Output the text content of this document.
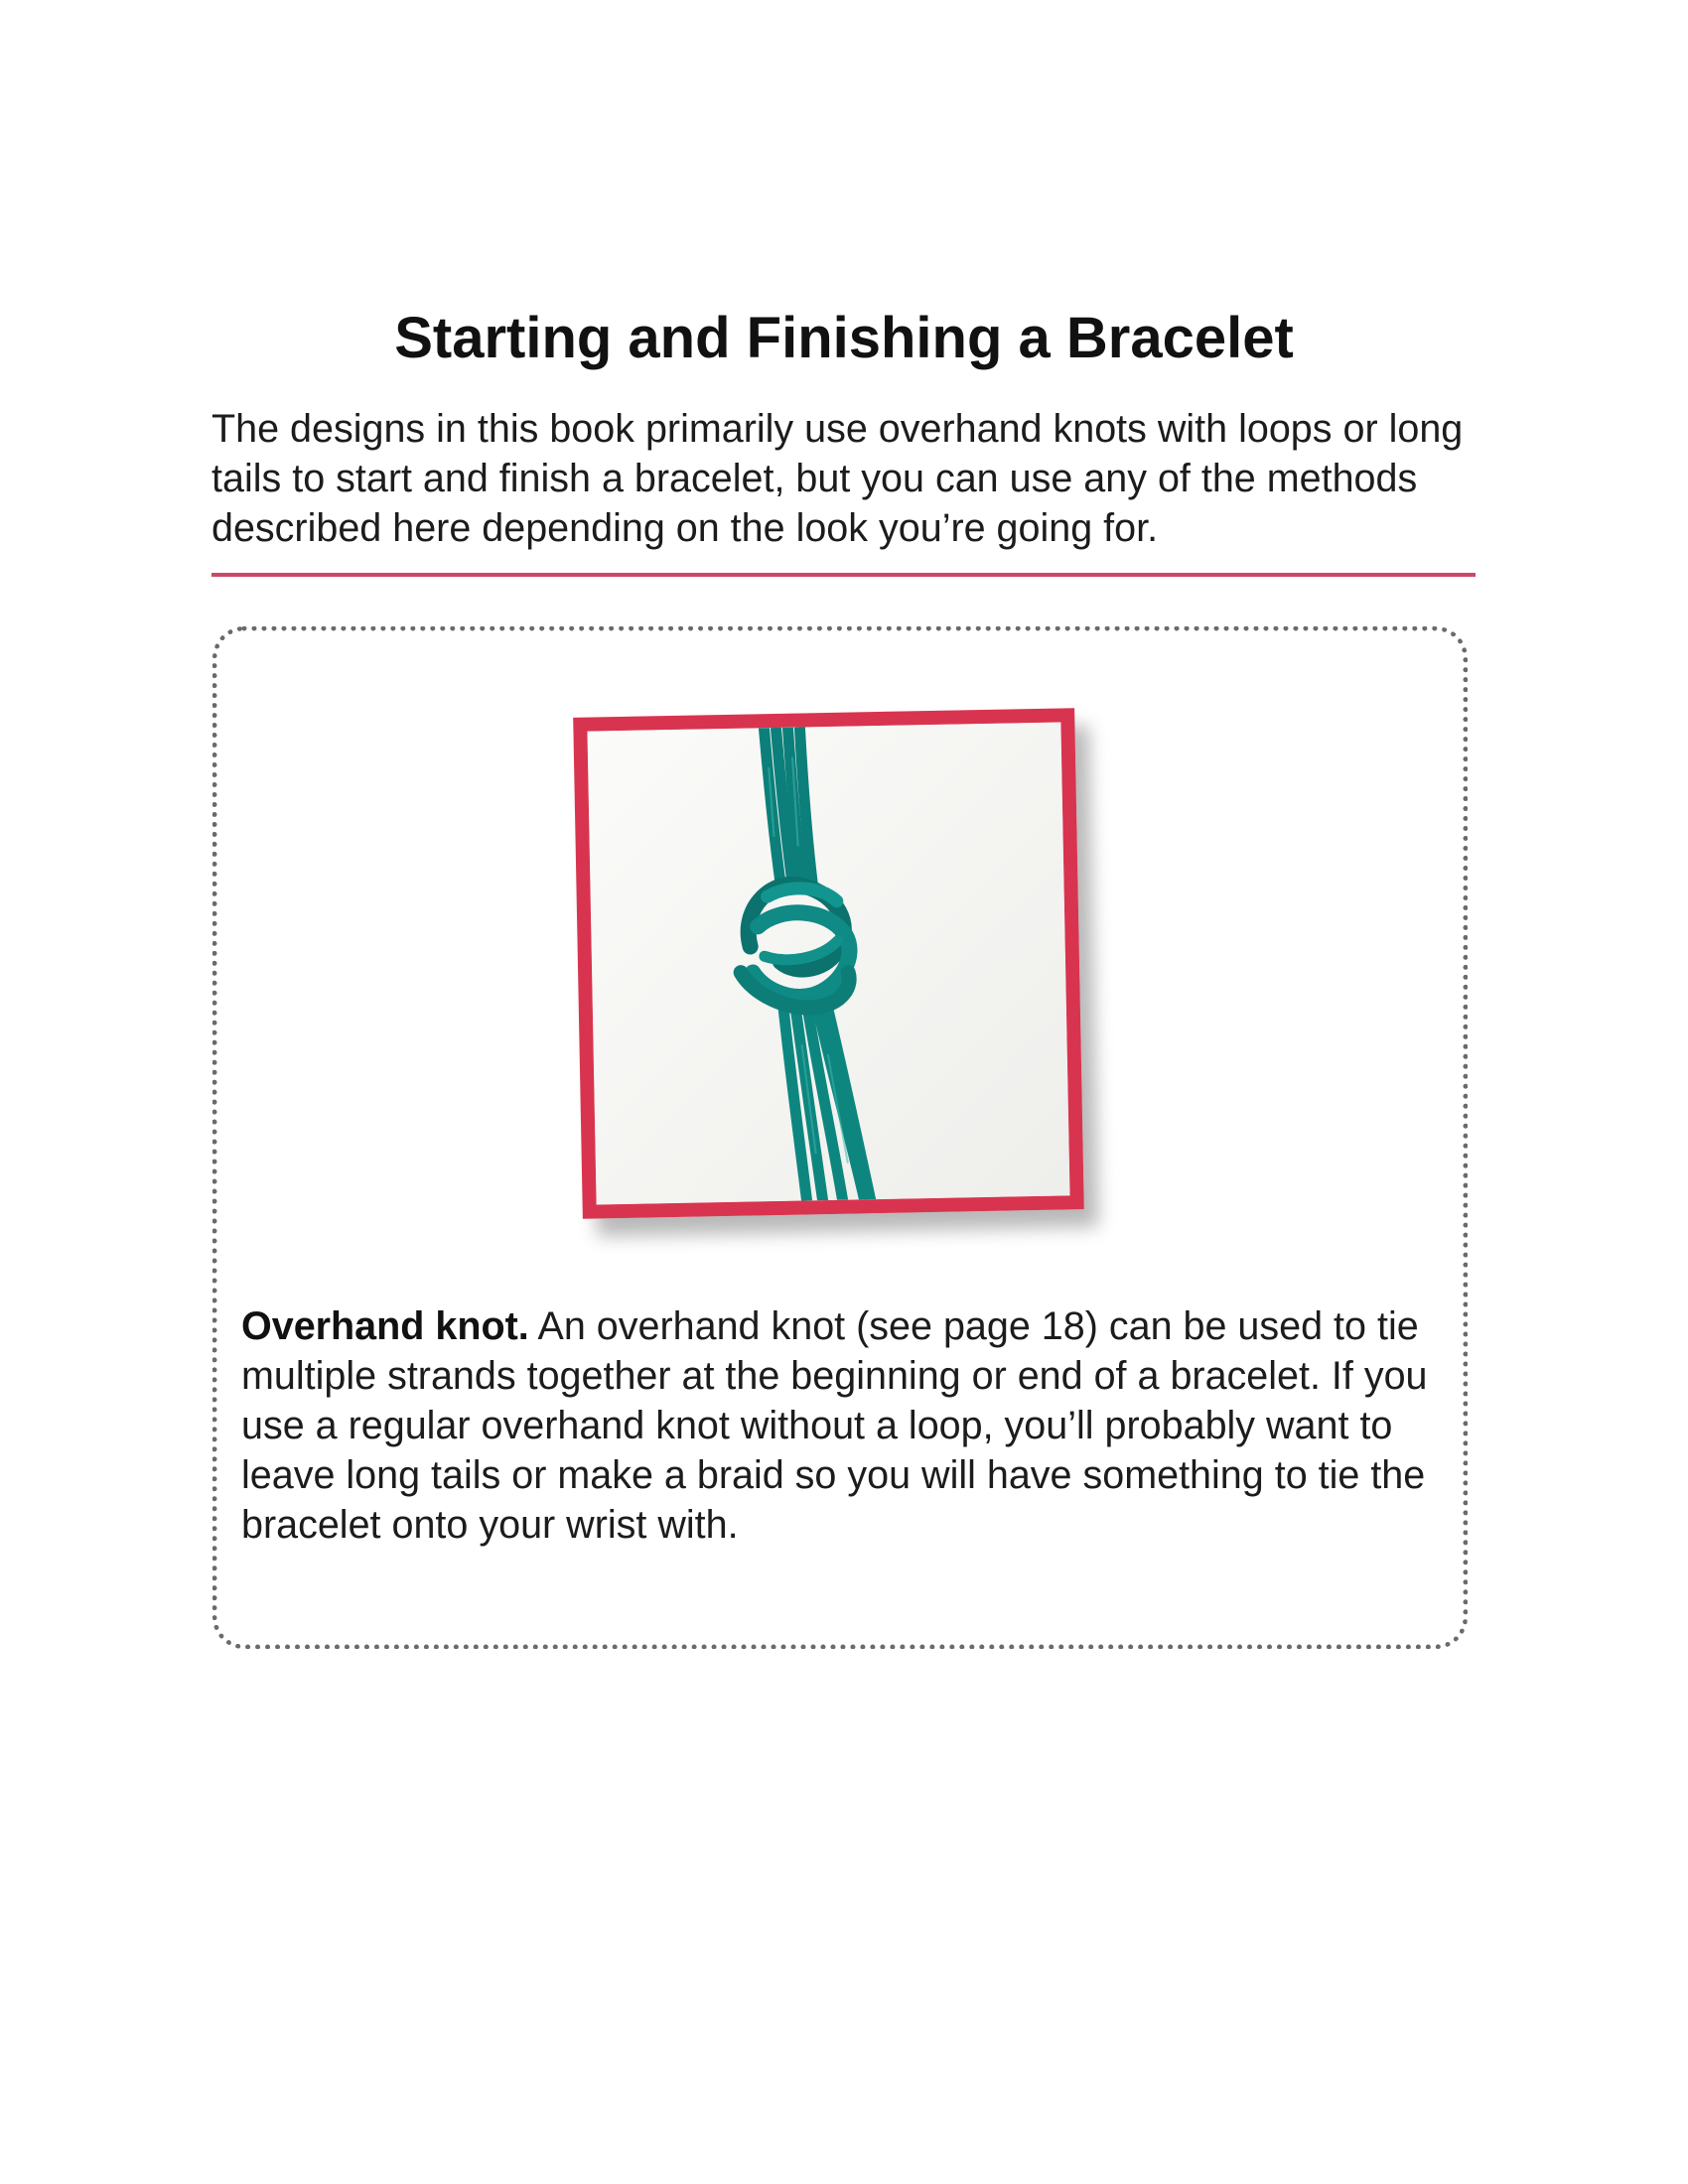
Starting and Finishing a Bracelet

The designs in this book primarily use overhand knots with loops or long tails to start and finish a bracelet, but you can use any of the methods described here depending on the look you’re going for.

Overhand knot. An overhand knot (see page 18) can be used to tie multiple strands together at the beginning or end of a bracelet. If you use a regular overhand knot without a loop, you’ll probably want to leave long tails or make a braid so you will have something to tie the bracelet onto your wrist with.
